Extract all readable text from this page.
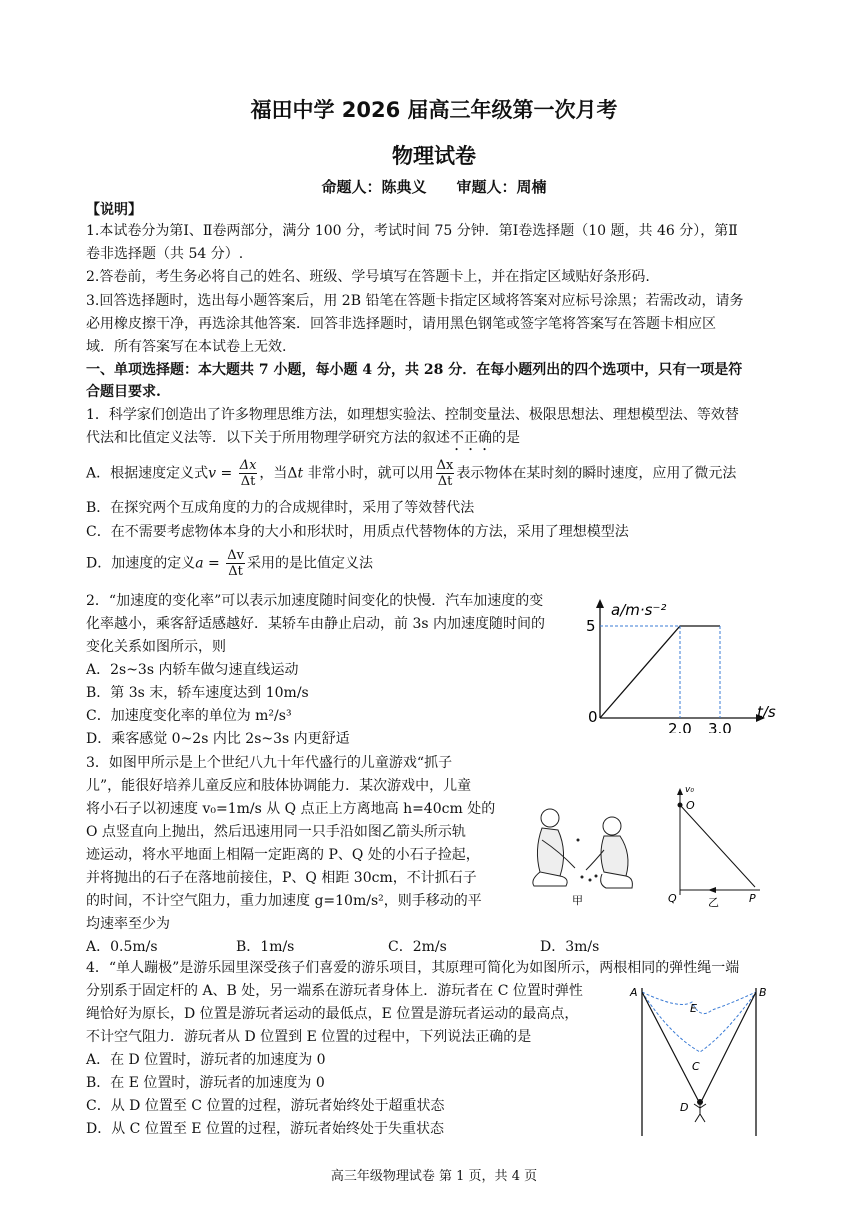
福田中学 2026 届高三年级第一次月考
物理试卷
命题人：陈典义　　审题人：周楠
【说明】
1.本试卷分为第Ⅰ、Ⅱ卷两部分，满分 100 分，考试时间 75 分钟．第Ⅰ卷选择题（10 题，共 46 分），第Ⅱ
卷非选择题（共 54 分）.
2.答卷前，考生务必将自己的姓名、班级、学号填写在答题卡上，并在指定区域贴好条形码.
3.回答选择题时，选出每小题答案后，用 2B 铅笔在答题卡指定区域将答案对应标号涂黑；若需改动，请务
必用橡皮擦干净，再选涂其他答案．回答非选择题时，请用黑色钢笔或签字笔将答案写在答题卡相应区
域．所有答案写在本试卷上无效.
一、单项选择题：本大题共 7 小题，每小题 4 分，共 28 分．在每小题列出的四个选项中，只有一项是符
合题目要求.
1．科学家们创造出了许多物理思维方法，如理想实验法、控制变量法、极限思想法、理想模型法、等效替
代法和比值定义法等．以下关于所用物理学研究方法的叙述不正确的是
A．根据速度定义式$v = \frac{\Delta x}{\Delta t}$ ，当Δt 非常小时，就可以用 $\frac{\Delta x}{\Delta t}$ 表示物体在某时刻的瞬时速度，应用了微元法
B．在探究两个互成角度的力的合成规律时，采用了等效替代法
C．在不需要考虑物体本身的大小和形状时，用质点代替物体的方法，采用了理想模型法
D．加速度的定义$a = \frac{\Delta v}{\Delta t}$ 采用的是比值定义法
2．“加速度的变化率”可以表示加速度随时间变化的快慢．汽车加速度的变
化率越小，乘客舒适感越好．某轿车由静止启动，前 3s 内加速度随时间的
变化关系如图所示，则
A．2s~3s 内轿车做匀速直线运动
B．第 3s 末，轿车速度达到 10m/s
C．加速度变化率的单位为 m²/s³
D．乘客感觉 0~2s 内比 2s~3s 内更舒适
0
2.0 3.0
5
a/m·s⁻²
t/s
3．如图甲所示是上个世纪八九十年代盛行的儿童游戏“抓子
儿”，能很好培养儿童反应和肢体协调能力．某次游戏中，儿童
将小石子以初速度 v₀=1m/s 从 Q 点正上方离地高 h=40cm 处的
O 点竖直向上抛出，然后迅速用同一只手沿如图乙箭头所示轨
迹运动，将水平地面上相隔一定距离的 P、Q 处的小石子捡起，
并将抛出的石子在落地前接住，P、Q 相距 30cm，不计抓石子
的时间，不计空气阻力，重力加速度 g=10m/s²，则手移动的平
均速率至少为
A．0.5m/s	B．1m/s	C．2m/s	D．3m/s
甲
v₀
O
Q	P
乙
4．“单人蹦极”是游乐园里深受孩子们喜爱的游乐项目，其原理可简化为如图所示，两根相同的弹性绳一端
分别系于固定杆的 A、B 处，另一端系在游玩者身体上．游玩者在 C 位置时弹性
绳恰好为原长，D 位置是游玩者运动的最低点，E 位置是游玩者运动的最高点，
不计空气阻力．游玩者从 D 位置到 E 位置的过程中，下列说法正确的是
A．在 D 位置时，游玩者的加速度为 0
B．在 E 位置时，游玩者的加速度为 0
C．从 D 位置至 C 位置的过程，游玩者始终处于超重状态
D．从 C 位置至 E 位置的过程，游玩者始终处于失重状态
A	B
E
C
D
高三年级物理试卷 第 1 页，共 4 页
